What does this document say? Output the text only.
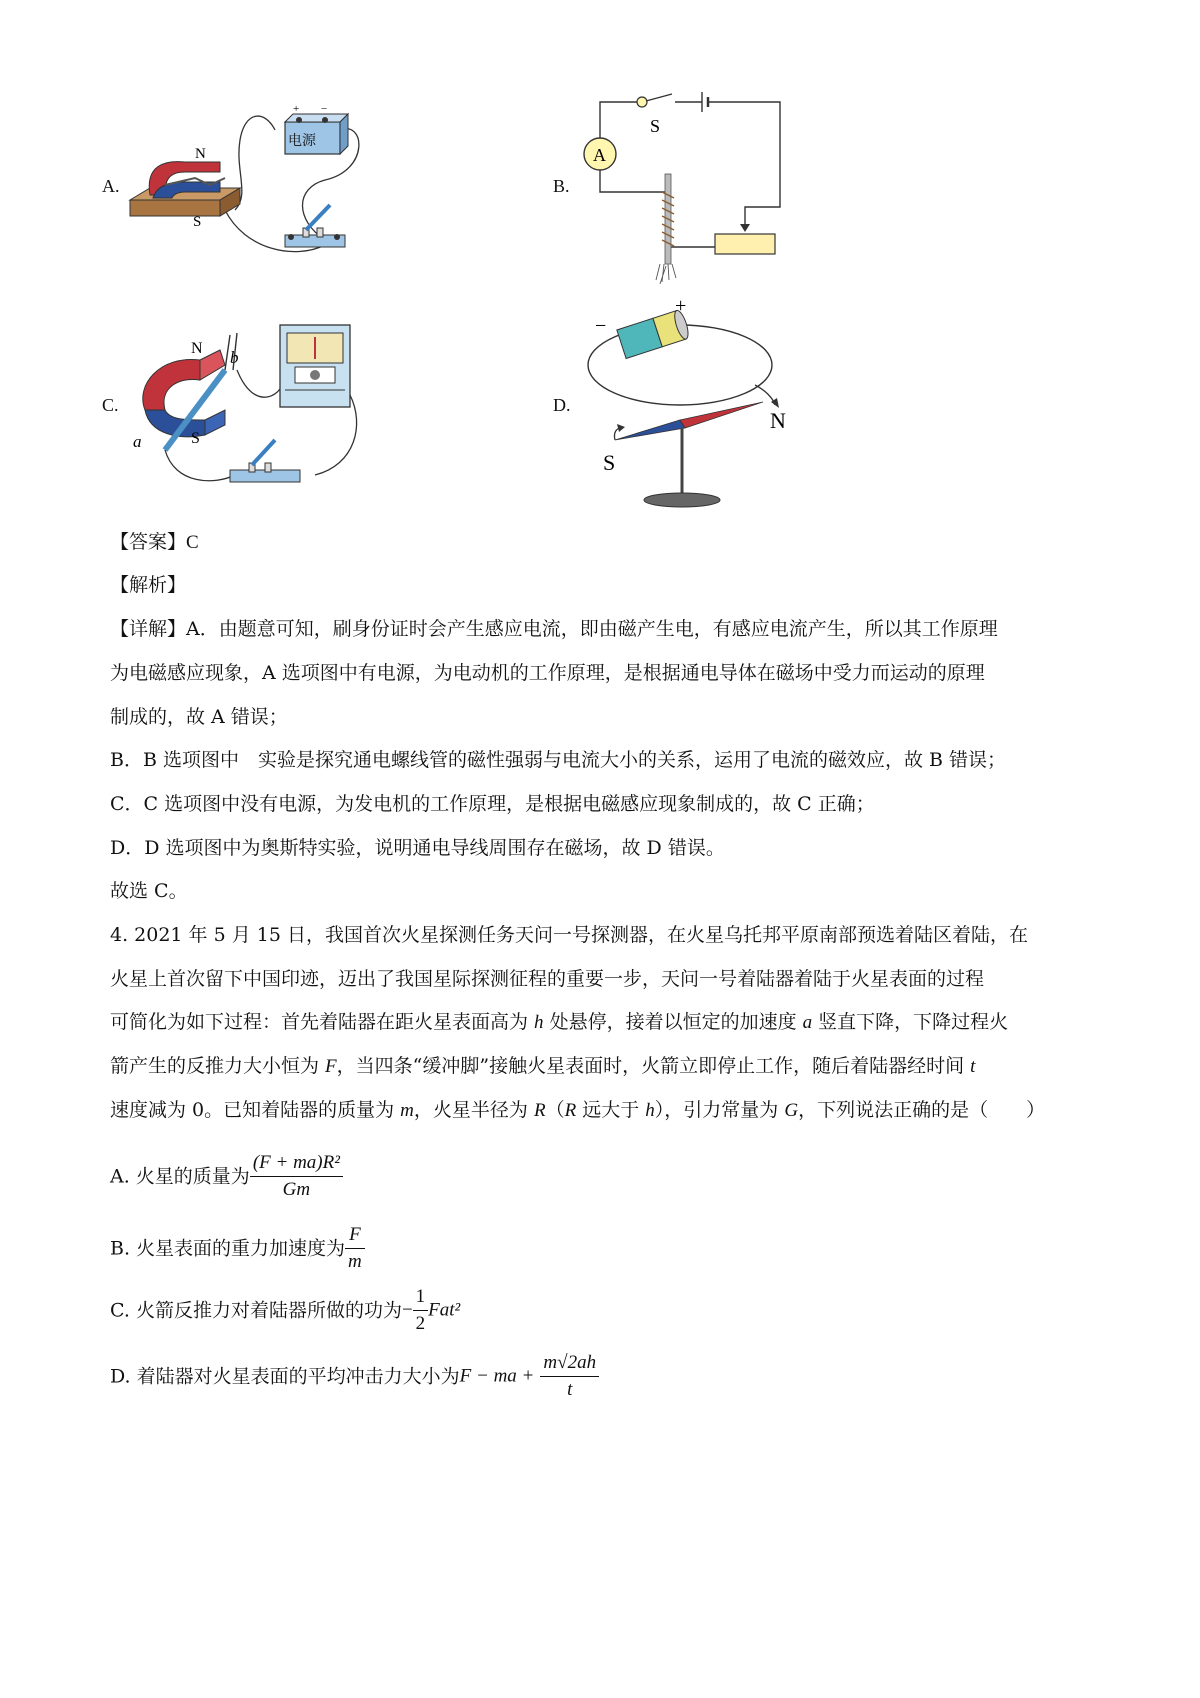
A.
电源
+ −
N
S
B.
S
A
C.
N
S
a
b
D.
+
−
N
S
【答案】C
【解析】
【详解】A．由题意可知，刷身份证时会产生感应电流，即由磁产生电，有感应电流产生，所以其工作原理
为电磁感应现象，A 选项图中有电源，为电动机的工作原理，是根据通电导体在磁场中受力而运动的原理
制成的，故 A 错误；
B．B 选项图中　实验是探究通电螺线管的磁性强弱与电流大小的关系，运用了电流的磁效应，故 B 错误；
C．C 选项图中没有电源，为发电机的工作原理，是根据电磁感应现象制成的，故 C 正确；
D．D 选项图中为奥斯特实验，说明通电导线周围存在磁场，故 D 错误。
故选 C。
4. 2021 年 5 月 15 日，我国首次火星探测任务天问一号探测器，在火星乌托邦平原南部预选着陆区着陆，在
火星上首次留下中国印迹，迈出了我国星际探测征程的重要一步，天问一号着陆器着陆于火星表面的过程
可简化为如下过程：首先着陆器在距火星表面高为 h 处悬停，接着以恒定的加速度 a 竖直下降，下降过程火
箭产生的反推力大小恒为 F，当四条“缓冲脚”接触火星表面时，火箭立即停止工作，随后着陆器经时间 t
速度减为 0。已知着陆器的质量为 m，火星半径为 R（R 远大于 h），引力常量为 G，下列说法正确的是（　　）
A. 火星的质量为 $\frac{\text{(F + ma)R²}}{Gm}$
B. 火星表面的重力加速度为 $\frac{F}{m}$
C. 火箭反推力对着陆器所做的功为− $\frac{1}{2} Fat^2$
D. 着陆器对火星表面的平均冲击力大小为F − ma + $\frac{m√2ah}{t}$
